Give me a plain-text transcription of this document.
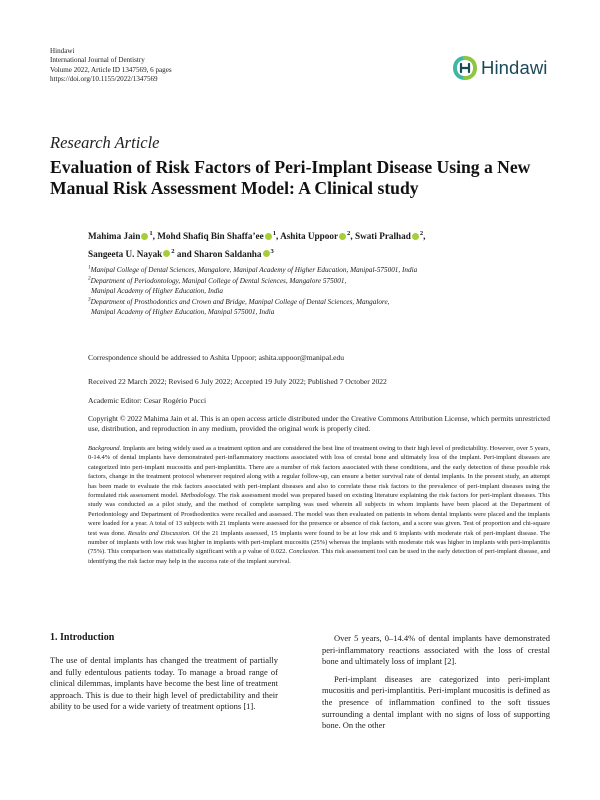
Hindawi
International Journal of Dentistry
Volume 2022, Article ID 1347569, 6 pages
https://doi.org/10.1155/2022/1347569
Hindawi
Research Article
Evaluation of Risk Factors of Peri-Implant Disease Using a New Manual Risk Assessment Model: A Clinical study
Mahima Jain $^1$, Mohd Shafiq Bin Shaffa’ee $^1$, Ashita Uppoor $^2$, Swati Pralhad $^2$,
Sangeeta U. Nayak $^2$ and Sharon Saldanha $^3$
$^1$Manipal College of Dental Sciences, Mangalore, Manipal Academy of Higher Education, Manipal-575001, India
$^2$Department of Periodontology, Manipal College of Dental Sciences, Mangalore 575001,
Manipal Academy of Higher Education, India
$^3$Department of Prosthodontics and Crown and Bridge, Manipal College of Dental Sciences, Mangalore,
Manipal Academy of Higher Education, Manipal 575001, India
Correspondence should be addressed to Ashita Uppoor; ashita.uppoor@manipal.edu
Received 22 March 2022; Revised 6 July 2022; Accepted 19 July 2022; Published 7 October 2022
Academic Editor: Cesar Rogério Pucci
Copyright © 2022 Mahima Jain et al. This is an open access article distributed under the Creative Commons Attribution License, which permits unrestricted use, distribution, and reproduction in any medium, provided the original work is properly cited.
Background. Implants are being widely used as a treatment option and are considered the best line of treatment owing to their high level of predictability. However, over 5 years, 0-14.4% of dental implants have demonstrated peri-inflammatory reactions associated with loss of crestal bone and ultimately loss of the implant. Peri-implant diseases are categorized into peri-implant mucositis and peri-implantitis. There are a number of risk factors associated with these conditions, and the early detection of these possible risk factors, change in the treatment protocol whenever required along with a regular follow-up, can ensure a better survival rate of dental implants. In the present study, an attempt has been made to evaluate the risk factors associated with peri-implant diseases and also to correlate these risk factors to the prevalence of peri-implant diseases using the formulated risk assessment model. Methodology. The risk assessment model was prepared based on existing literature explaining the risk factors for peri-implant diseases. This study was conducted as a pilot study, and the method of complete sampling was used wherein all subjects in whom implants have been placed at the Department of Periodontology and Department of Prosthodontics were recalled and assessed. The model was then evaluated on patients in whom dental implants were placed and the implants were loaded for a year. A total of 13 subjects with 21 implants were assessed for the presence or absence of risk factors, and a score was given. Test of proportion and chi-square test was done. Results and Discussion. Of the 21 implants assessed, 15 implants were found to be at low risk and 6 implants with moderate risk of peri-implant disease. The number of implants with low risk was higher in implants with peri-implant mucositis (25%) whereas the implants with moderate risk was higher in implants with peri-implantitis (75%). This comparison was statistically significant with a p value of 0.022. Conclusion. This risk assessment tool can be used in the early detection of peri-implant disease, and identifying the risk factor may help in the success rate of the implant survival.
1. Introduction

The use of dental implants has changed the treatment of partially and fully edentulous patients today. To manage a broad range of clinical dilemmas, implants have become the best line of treatment approach. This is due to their high level of predictability and their ability to be used for a wide variety of treatment options [1].

Over 5 years, 0–14.4% of dental implants have demonstrated peri-inflammatory reactions associated with the loss of crestal bone and ultimately loss of implant [2].

Peri-implant diseases are categorized into peri-implant mucositis and peri-implantitis. Peri-implant mucositis is defined as the presence of inflammation confined to the soft tissues surrounding a dental implant with no signs of loss of supporting bone. On the other
